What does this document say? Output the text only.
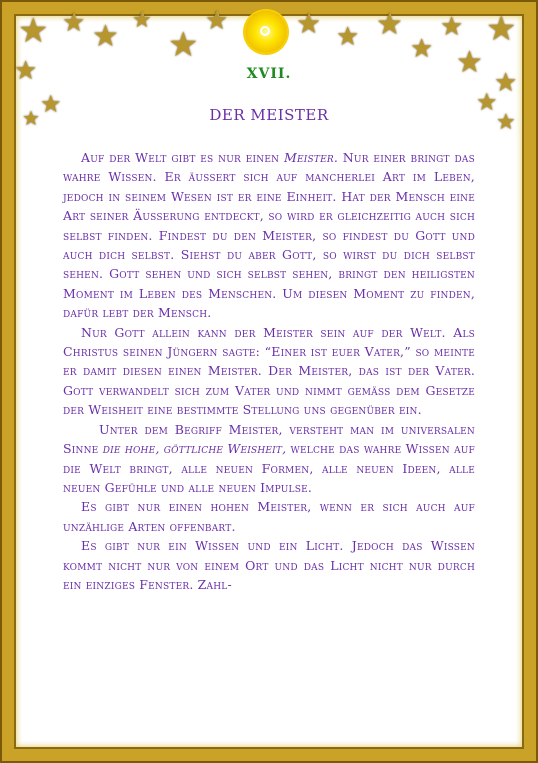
★ ★
★
★
★
★
★
★
★ ★ ★ ★
★
★ ★
★
★
★
★
XVII.
DER MEISTER

Auf der Welt gibt es nur einen Meister. Nur einer bringt das wahre Wissen. Er äussert sich auf mancherlei Art im Leben, jedoch in seinem Wesen ist er eine Einheit. Hat der Mensch eine Art seiner Äusserung entdeckt, so wird er gleichzeitig auch sich selbst finden. Findest du den Meister, so findest du Gott und auch dich selbst. Siehst du aber Gott, so wirst du dich selbst sehen. Gott sehen und sich selbst sehen, bringt den heiligsten Moment im Leben des Menschen. Um diesen Moment zu finden, dafür lebt der Mensch.

Nur Gott allein kann der Meister sein auf der Welt. Als Christus seinen Jüngern sagte: “Einer ist euer Vater,” so meinte er damit diesen einen Meister. Der Meister, das ist der Vater. Gott verwandelt sich zum Vater und nimmt gemäss dem Gesetze der Weisheit eine bestimmte Stellung uns gegenüber ein.

Unter dem Begriff Meister, versteht man im universalen Sinne die hohe, göttliche Weisheit, welche das wahre Wissen auf die Welt bringt, alle neuen Formen, alle neuen Ideen, alle neuen Gefühle und alle neuen Impulse.

Es gibt nur einen hohen Meister, wenn er sich auch auf unzählige Arten offenbart.

Es gibt nur ein Wissen und ein Licht. Jedoch das Wissen kommt nicht nur von einem Ort und das Licht nicht nur durch ein einziges Fenster. Zahl-
